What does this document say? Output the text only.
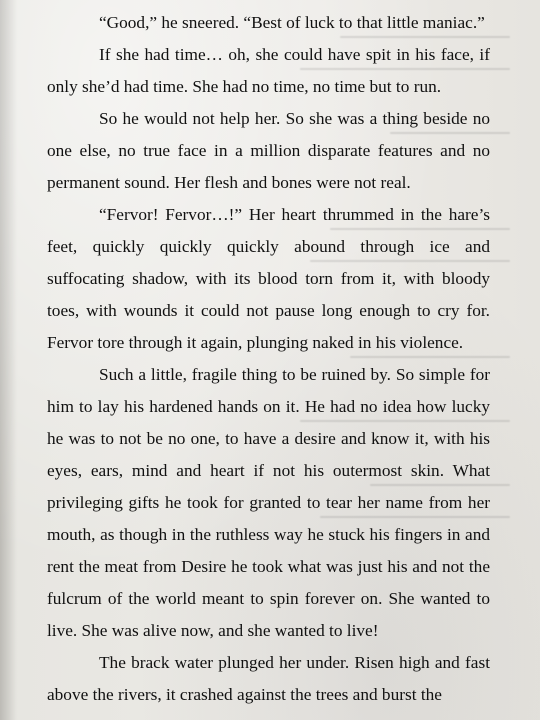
“Good,” he sneered. “Best of luck to that little maniac.”

If she had time… oh, she could have spit in his face, if only she’d had time. She had no time, no time but to run.

So he would not help her. So she was a thing beside no one else, no true face in a million disparate features and no permanent sound. Her flesh and bones were not real.

“Fervor! Fervor…!” Her heart thrummed in the hare’s feet, quickly quickly quickly abound through ice and suffocating shadow, with its blood torn from it, with bloody toes, with wounds it could not pause long enough to cry for. Fervor tore through it again, plunging naked in his violence.

Such a little, fragile thing to be ruined by. So simple for him to lay his hardened hands on it. He had no idea how lucky he was to not be no one, to have a desire and know it, with his eyes, ears, mind and heart if not his outermost skin. What privileging gifts he took for granted to tear her name from her mouth, as though in the ruthless way he stuck his fingers in and rent the meat from Desire he took what was just his and not the fulcrum of the world meant to spin forever on. She wanted to live. She was alive now, and she wanted to live!

The brack water plunged her under. Risen high and fast above the rivers, it crashed against the trees and burst the
